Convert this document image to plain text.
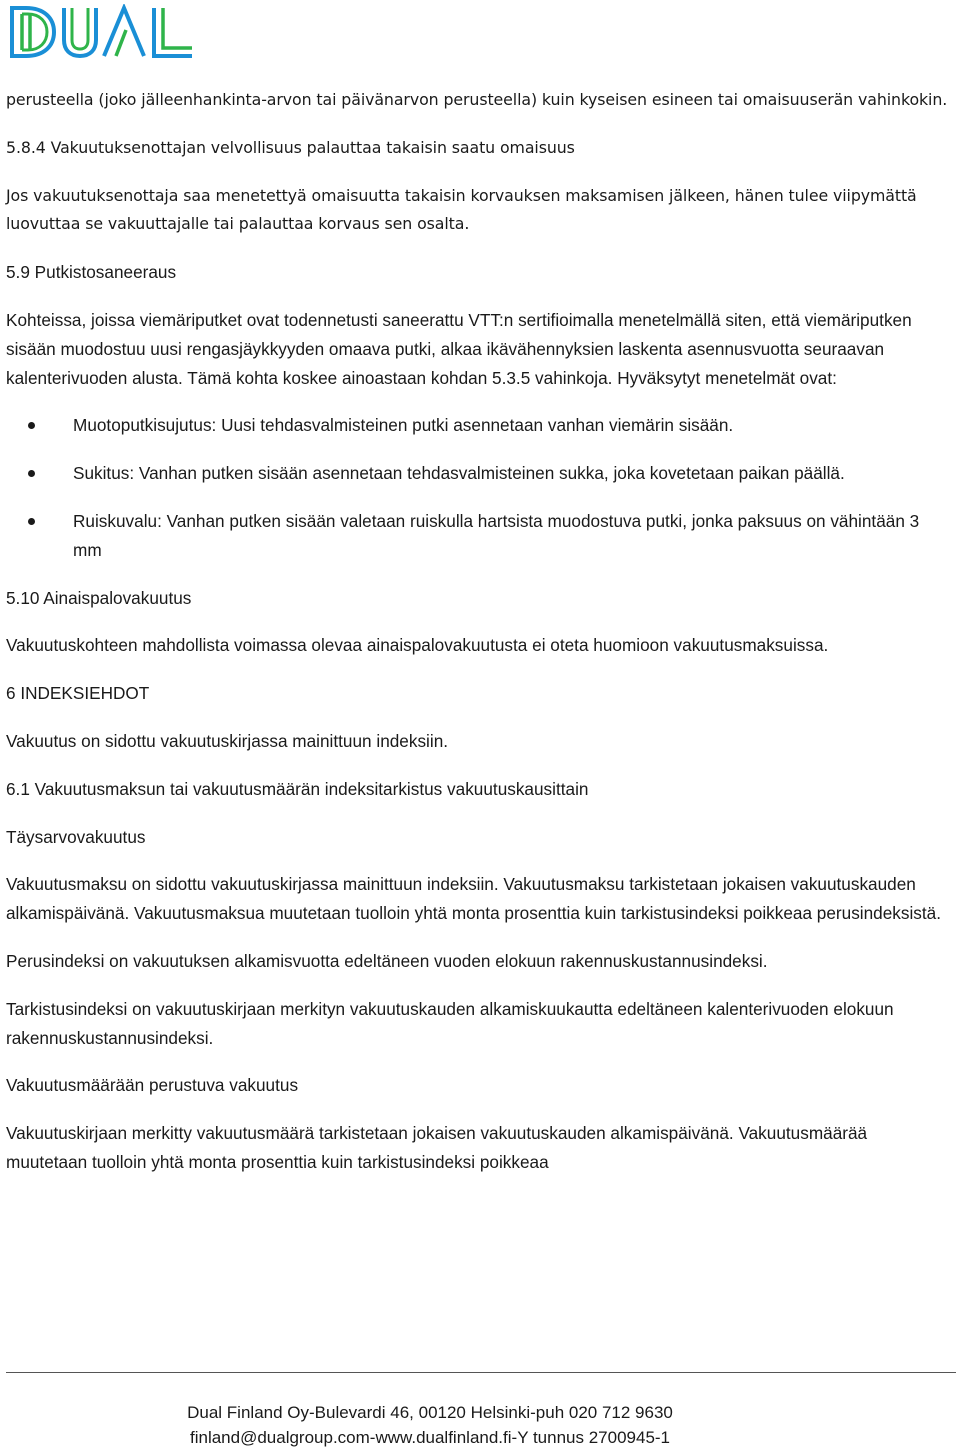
perusteella (joko jälleenhankinta-arvon tai päivänarvon perusteella) kuin kyseisen esineen tai omaisuuserän vahinkokin.

5.8.4 Vakuutuksenottajan velvollisuus palauttaa takaisin saatu omaisuus

Jos vakuutuksenottaja saa menetettyä omaisuutta takaisin korvauksen maksamisen jälkeen, hänen tulee viipymättä luovuttaa se vakuuttajalle tai palauttaa korvaus sen osalta.

5.9 Putkistosaneeraus

Kohteissa, joissa viemäriputket ovat todennetusti saneerattu VTT:n sertifioimalla menetelmällä siten, että viemäriputken sisään muodostuu uusi rengasjäykkyyden omaava putki, alkaa ikävähennyksien laskenta asennusvuotta seuraavan kalenterivuoden alusta. Tämä kohta koskee ainoastaan kohdan 5.3.5 vahinkoja. Hyväksytyt menetelmät ovat:

Muotoputkisujutus: Uusi tehdasvalmisteinen putki asennetaan vanhan viemärin sisään.
Sukitus: Vanhan putken sisään asennetaan tehdasvalmisteinen sukka, joka kovetetaan paikan päällä.
Ruiskuvalu: Vanhan putken sisään valetaan ruiskulla hartsista muodostuva putki, jonka paksuus on vähintään 3 mm

5.10 Ainaispalovakuutus

Vakuutuskohteen mahdollista voimassa olevaa ainaispalovakuutusta ei oteta huomioon vakuutusmaksuissa.

6 INDEKSIEHDOT

Vakuutus on sidottu vakuutuskirjassa mainittuun indeksiin.

6.1 Vakuutusmaksun tai vakuutusmäärän indeksitarkistus vakuutuskausittain

Täysarvovakuutus

Vakuutusmaksu on sidottu vakuutuskirjassa mainittuun indeksiin. Vakuutusmaksu tarkistetaan jokaisen vakuutuskauden alkamispäivänä. Vakuutusmaksua muutetaan tuolloin yhtä monta prosenttia kuin tarkistusindeksi poikkeaa perusindeksistä.

Perusindeksi on vakuutuksen alkamisvuotta edeltäneen vuoden elokuun rakennuskustannusindeksi.

Tarkistusindeksi on vakuutuskirjaan merkityn vakuutuskauden alkamiskuukautta edeltäneen kalenterivuoden elokuun rakennuskustannusindeksi.

Vakuutusmäärään perustuva vakuutus

Vakuutuskirjaan merkitty vakuutusmäärä tarkistetaan jokaisen vakuutuskauden alkamispäivänä. Vakuutusmäärää muutetaan tuolloin yhtä monta prosenttia kuin tarkistusindeksi poikkeaa

Dual Finland Oy-Bulevardi 46, 00120 Helsinki-puh 020 712 9630
finland@dualgroup.com-www.dualfinland.fi-Y tunnus 2700945-1
